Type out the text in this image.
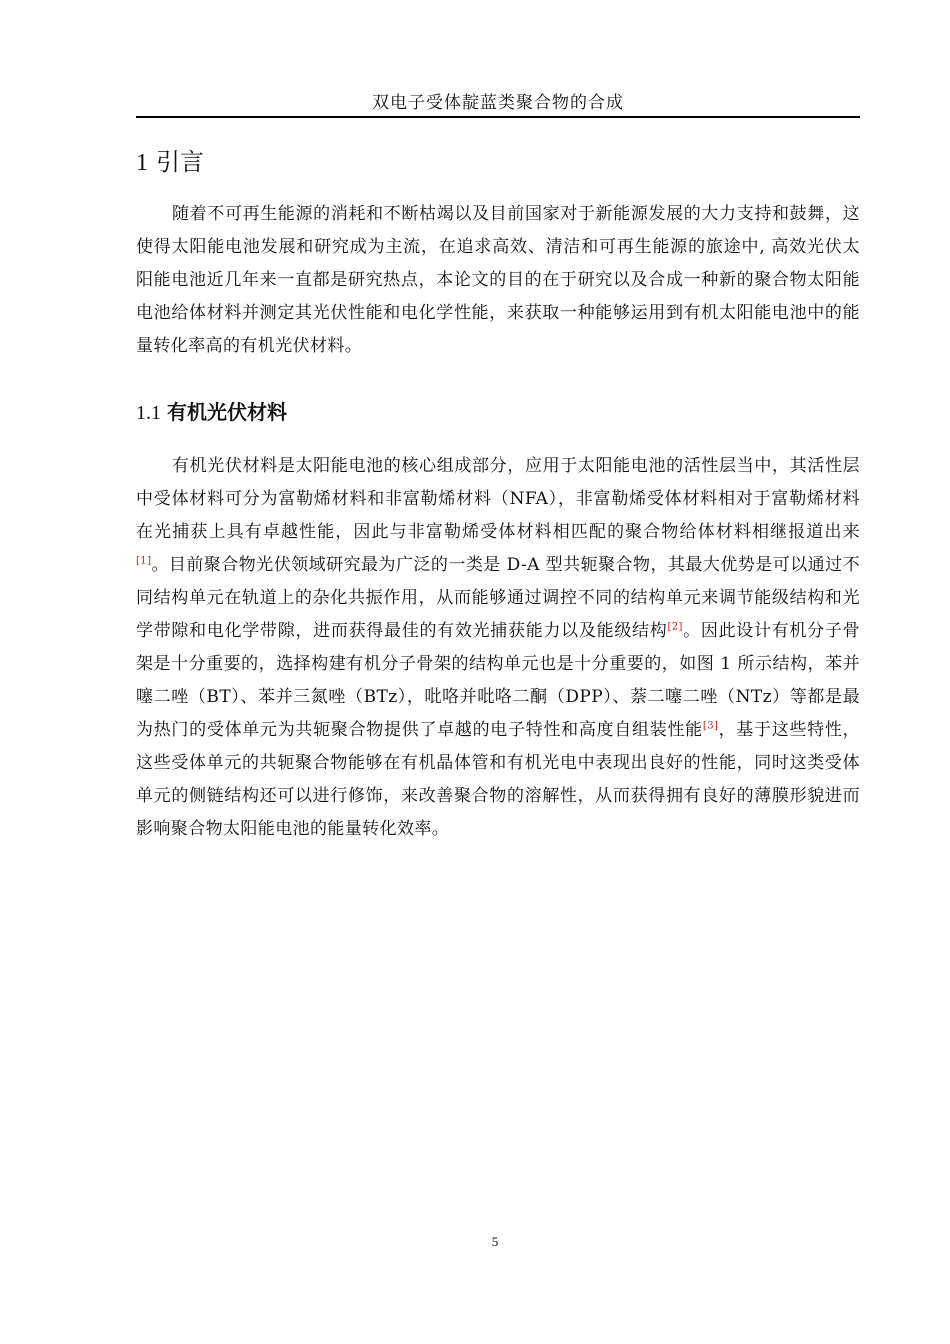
双电子受体靛蓝类聚合物的合成
1 引言

随着不可再生能源的消耗和不断枯竭以及目前国家对于新能源发展的大力支持和鼓舞，这使得太阳能电池发展和研究成为主流，在追求高效、清洁和可再生能源的旅途中, 高效光伏太阳能电池近几年来一直都是研究热点，本论文的目的在于研究以及合成一种新的聚合物太阳能电池给体材料并测定其光伏性能和电化学性能，来获取一种能够运用到有机太阳能电池中的能量转化率高的有机光伏材料。

1.1 有机光伏材料

有机光伏材料是太阳能电池的核心组成部分，应用于太阳能电池的活性层当中，其活性层中受体材料可分为富勒烯材料和非富勒烯材料（NFA），非富勒烯受体材料相对于富勒烯材料在光捕获上具有卓越性能，因此与非富勒烯受体材料相匹配的聚合物给体材料相继报道出来[1]。目前聚合物光伏领域研究最为广泛的一类是 D-A 型共轭聚合物，其最大优势是可以通过不同结构单元在轨道上的杂化共振作用，从而能够通过调控不同的结构单元来调节能级结构和光学带隙和电化学带隙，进而获得最佳的有效光捕获能力以及能级结构[2]。因此设计有机分子骨架是十分重要的，选择构建有机分子骨架的结构单元也是十分重要的，如图 1 所示结构，苯并噻二唑（BT）、苯并三氮唑（BTz），吡咯并吡咯二酮（DPP）、萘二噻二唑（NTz）等都是最为热门的受体单元为共轭聚合物提供了卓越的电子特性和高度自组装性能[3]，基于这些特性，这些受体单元的共轭聚合物能够在有机晶体管和有机光电中表现出良好的性能，同时这类受体单元的侧链结构还可以进行修饰，来改善聚合物的溶解性，从而获得拥有良好的薄膜形貌进而影响聚合物太阳能电池的能量转化效率。

5
